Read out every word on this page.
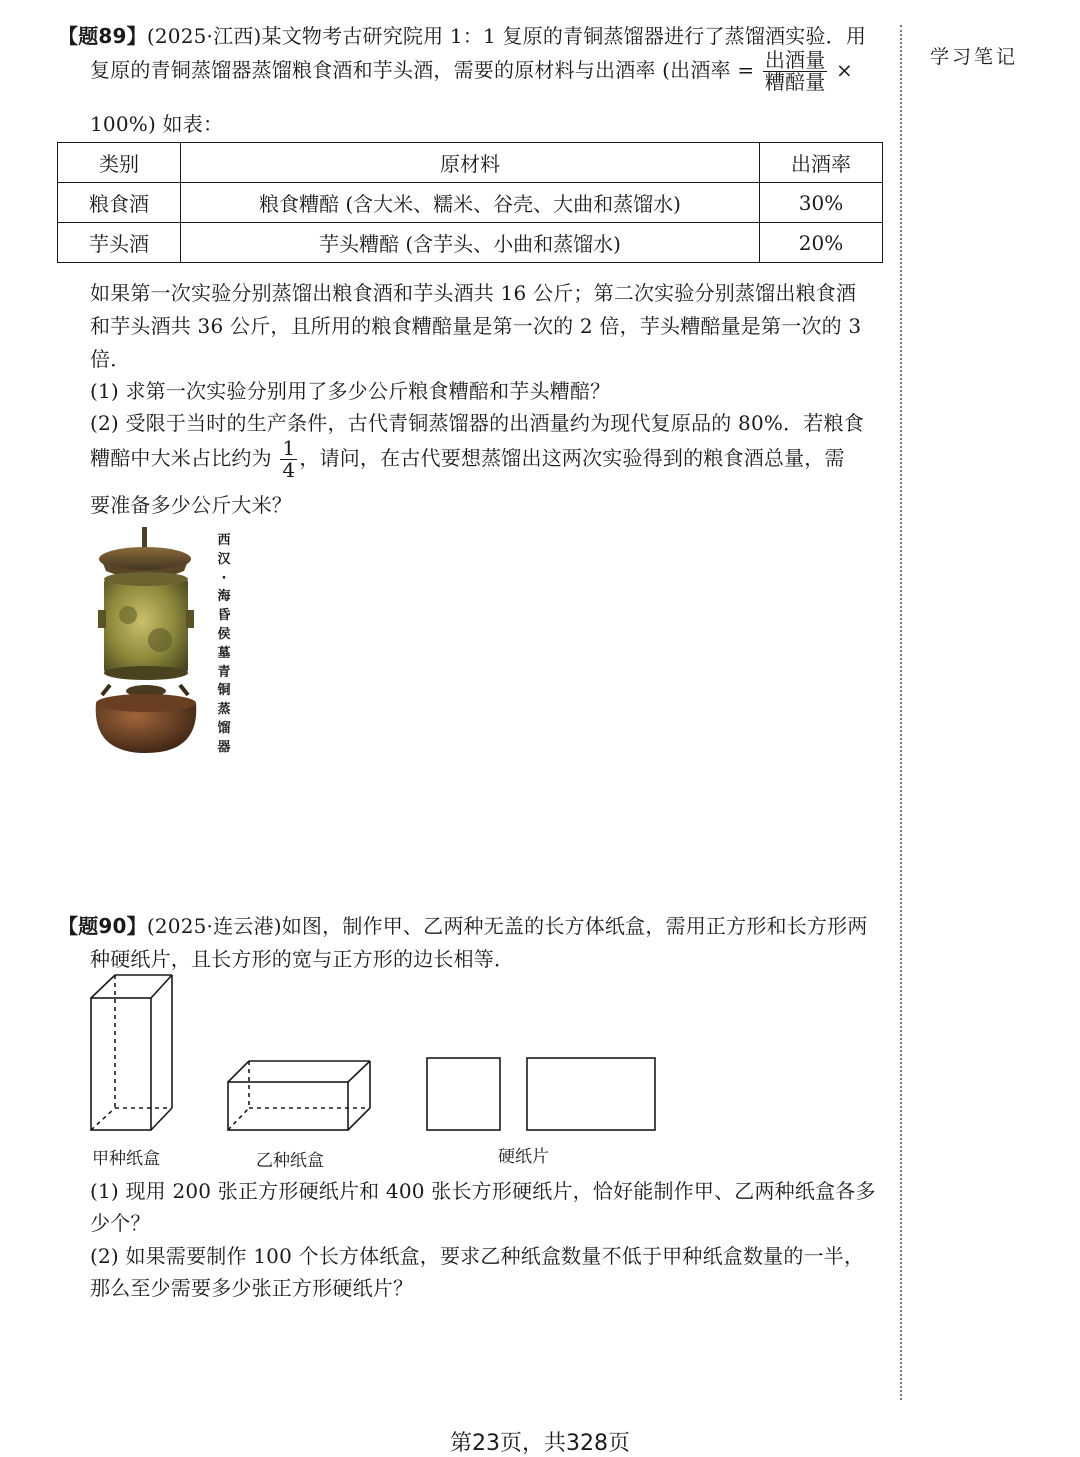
学习笔记
【题89】(2025·江西)某文物考古研究院用 1：1 复原的青铜蒸馏器进行了蒸馏酒实验．用
复原的青铜蒸馏器蒸馏粮食酒和芋头酒，需要的原材料与出酒率 (出酒率 = $\frac{\text{出酒量}}{\text{糟醅量}}$ ×
100%) 如表：
类别	原材料	出酒率
粮食酒	粮食糟醅 (含大米、糯米、谷壳、大曲和蒸馏水)	30%
芋头酒	芋头糟醅 (含芋头、小曲和蒸馏水)	20%
如果第一次实验分别蒸馏出粮食酒和芋头酒共 16 公斤；第二次实验分别蒸馏出粮食酒
和芋头酒共 36 公斤，且所用的粮食糟醅量是第一次的 2 倍，芋头糟醅量是第一次的 3
倍．
(1) 求第一次实验分别用了多少公斤粮食糟醅和芋头糟醅？
(2) 受限于当时的生产条件，古代青铜蒸馏器的出酒量约为现代复原品的 80%．若粮食
糟醅中大米占比约为 $\frac{1}{4}$ ，请问，在古代要想蒸馏出这两次实验得到的粮食酒总量，需
要准备多少公斤大米？
西
汉
·
海
昏
侯
墓
青
铜
蒸
馏
器
【题90】(2025·连云港)如图，制作甲、乙两种无盖的长方体纸盒，需用正方形和长方形两
种硬纸片，且长方形的宽与正方形的边长相等．
甲种纸盒	乙种纸盒	硬纸片
(1) 现用 200 张正方形硬纸片和 400 张长方形硬纸片，恰好能制作甲、乙两种纸盒各多
少个？
(2) 如果需要制作 100 个长方体纸盒，要求乙种纸盒数量不低于甲种纸盒数量的一半，
那么至少需要多少张正方形硬纸片？
第23页，共328页
